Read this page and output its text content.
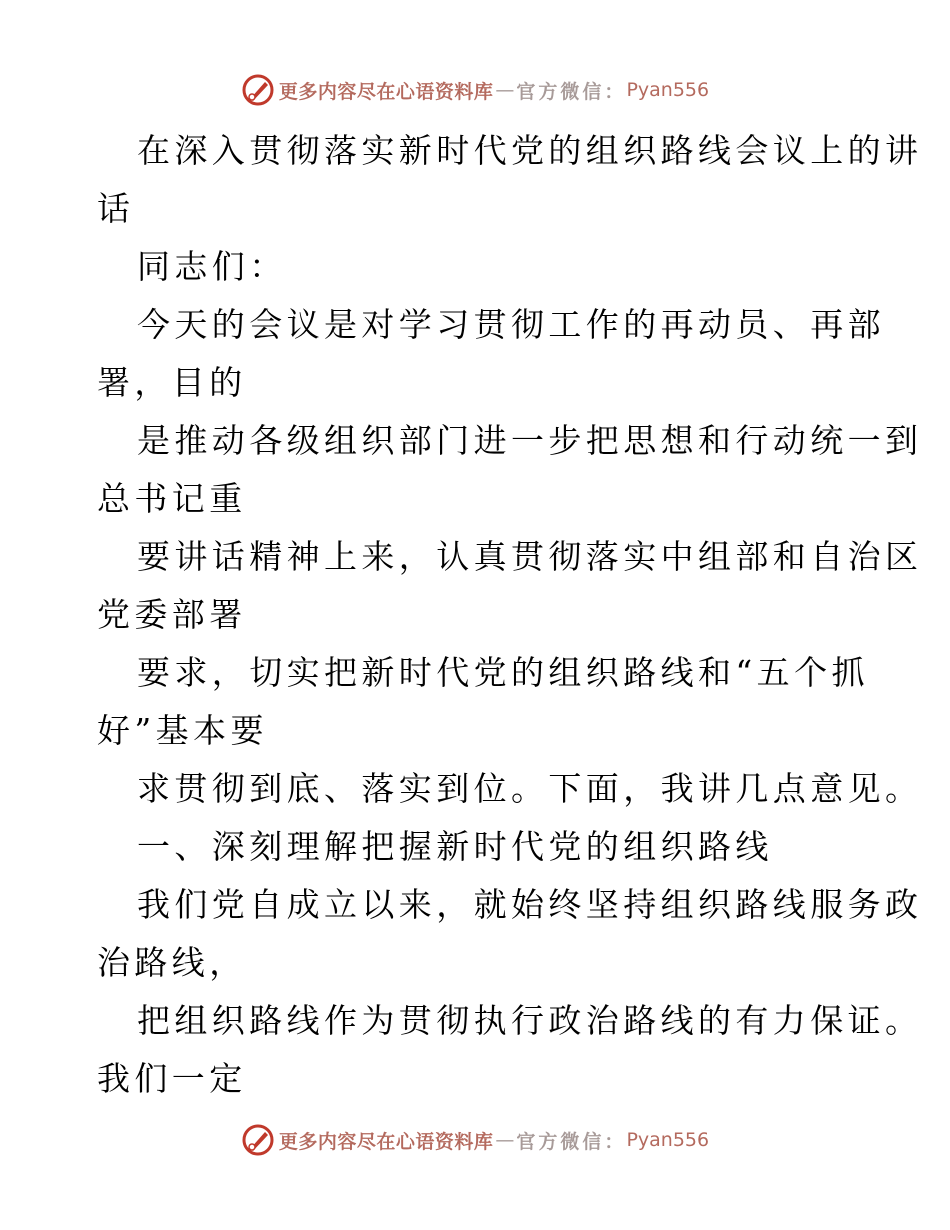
更多内容尽在心语资料库 — 官方微信： Pyan556
在深入贯彻落实新时代党的组织路线会议上的讲
话
同志们：
今天的会议是对学习贯彻工作的再动员、再部
署，目的
是推动各级组织部门进一步把思想和行动统一到
总书记重
要讲话精神上来，认真贯彻落实中组部和自治区
党委部署
要求，切实把新时代党的组织路线和“五个抓
好”基本要
求贯彻到底、落实到位。下面，我讲几点意见。
一、深刻理解把握新时代党的组织路线
我们党自成立以来，就始终坚持组织路线服务政
治路线，
把组织路线作为贯彻执行政治路线的有力保证。
我们一定
更多内容尽在心语资料库 — 官方微信： Pyan556
